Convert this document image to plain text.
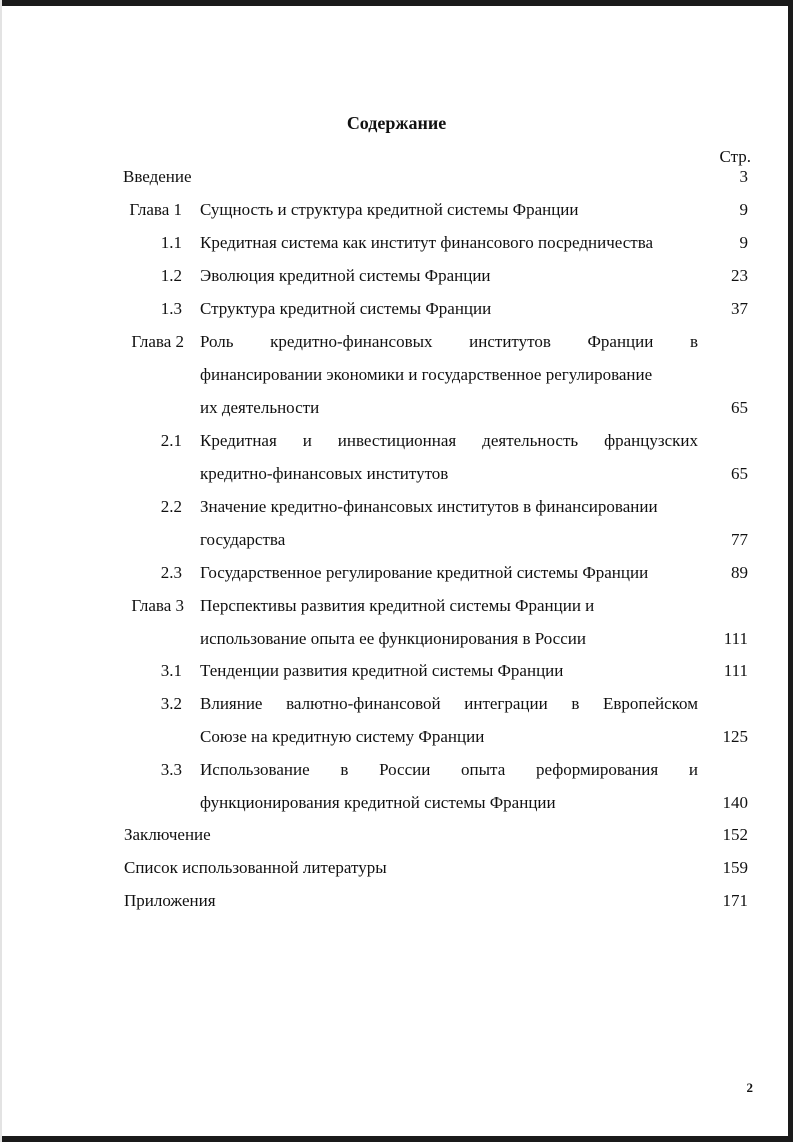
Содержание
Стр.
Введение	3
Глава 1 Сущность и структура кредитной системы Франции	9
1.1 Кредитная система как институт финансового посредничества	9
1.2 Эволюция кредитной системы Франции	23
1.3 Структура кредитной системы Франции	37
Глава 2 Роль кредитно-финансовых институтов Франции в
финансировании экономики и государственное регулирование
их деятельности	65
2.1 Кредитная и инвестиционная деятельность французских
кредитно-финансовых институтов	65
2.2 Значение кредитно-финансовых институтов в финансировании
государства	77
2.3 Государственное регулирование кредитной системы Франции	89
Глава 3 Перспективы развития кредитной системы Франции и
использование опыта ее функционирования в России	111
3.1 Тенденции развития кредитной системы Франции	111
3.2 Влияние валютно-финансовой интеграции в Европейском
Союзе на кредитную систему Франции	125
3.3 Использование в России опыта реформирования и
функционирования кредитной системы Франции	140
Заключение	152
Список использованной литературы	159
Приложения	171
2
